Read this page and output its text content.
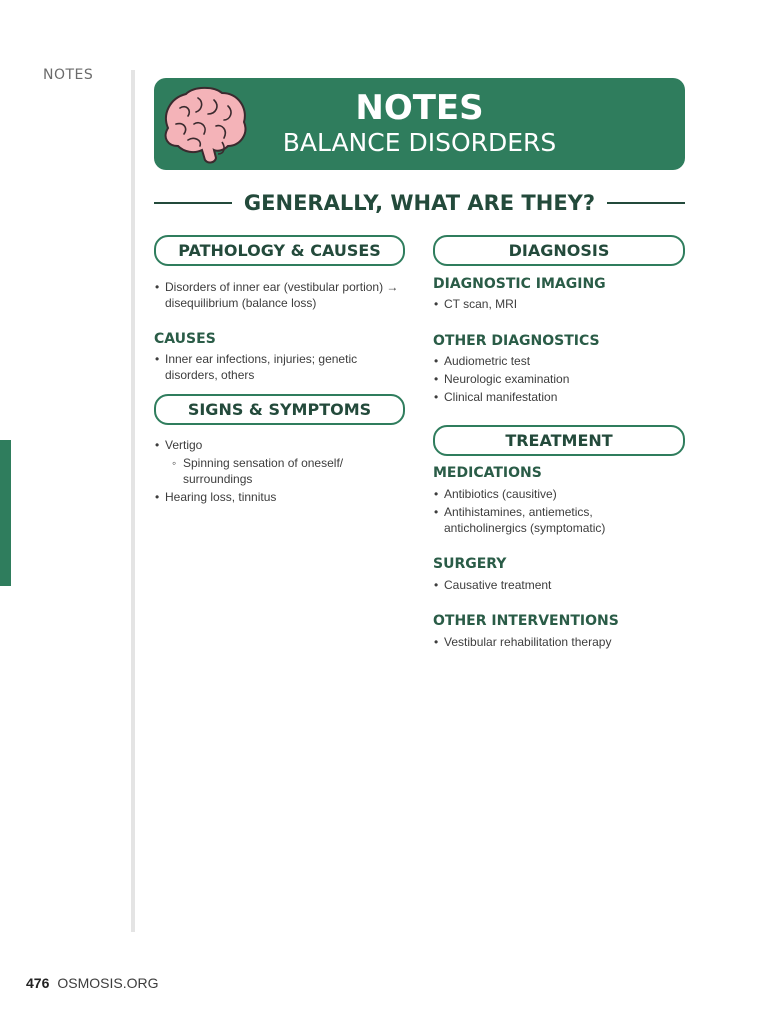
NOTES
NOTES
BALANCE DISORDERS
GENERALLY, WHAT ARE THEY?
PATHOLOGY & CAUSES
• Disorders of inner ear (vestibular portion) → disequilibrium (balance loss)
CAUSES
• Inner ear infections, injuries; genetic disorders, others
SIGNS & SYMPTOMS
• Vertigo
◦ Spinning sensation of oneself/ surroundings
• Hearing loss, tinnitus
DIAGNOSIS
DIAGNOSTIC IMAGING
• CT scan, MRI
OTHER DIAGNOSTICS
• Audiometric test
• Neurologic examination
• Clinical manifestation
TREATMENT
MEDICATIONS
• Antibiotics (causitive)
• Antihistamines, antiemetics, anticholinergics (symptomatic)
SURGERY
• Causative treatment
OTHER INTERVENTIONS
• Vestibular rehabilitation therapy
476 OSMOSIS.ORG
